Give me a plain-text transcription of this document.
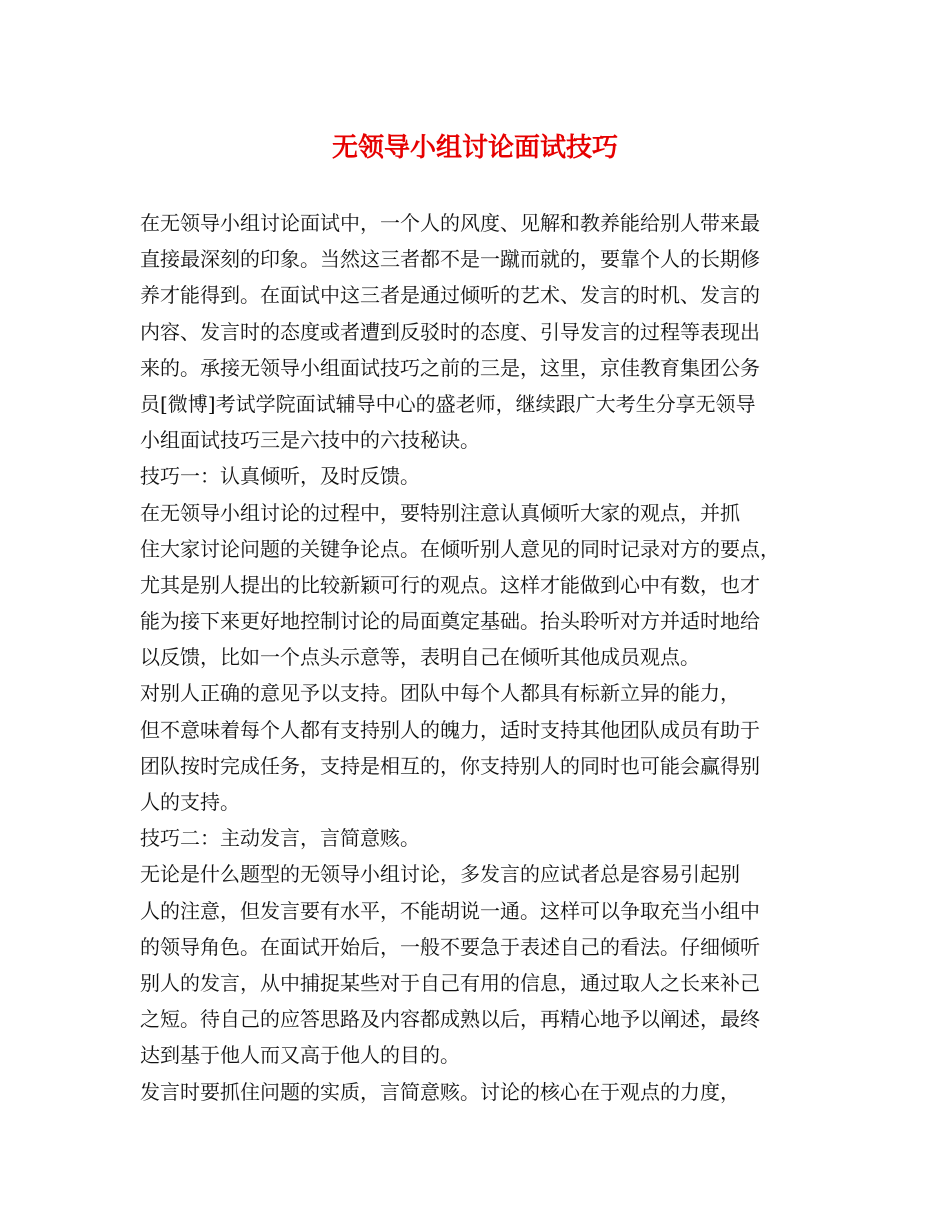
无领导小组讨论面试技巧
在无领导小组讨论面试中，一个人的风度、见解和教养能给别人带来最
直接最深刻的印象。当然这三者都不是一蹴而就的，要靠个人的长期修
养才能得到。在面试中这三者是通过倾听的艺术、发言的时机、发言的
内容、发言时的态度或者遭到反驳时的态度、引导发言的过程等表现出
来的。承接无领导小组面试技巧之前的三是，这里，京佳教育集团公务
员[微博]考试学院面试辅导中心的盛老师，继续跟广大考生分享无领导
小组面试技巧三是六技中的六技秘诀。
技巧一：认真倾听，及时反馈。
在无领导小组讨论的过程中，要特别注意认真倾听大家的观点，并抓
住大家讨论问题的关键争论点。在倾听别人意见的同时记录对方的要点，
尤其是别人提出的比较新颖可行的观点。这样才能做到心中有数，也才
能为接下来更好地控制讨论的局面奠定基础。抬头聆听对方并适时地给
以反馈，比如一个点头示意等，表明自己在倾听其他成员观点。
对别人正确的意见予以支持。团队中每个人都具有标新立异的能力，
但不意味着每个人都有支持别人的魄力，适时支持其他团队成员有助于
团队按时完成任务，支持是相互的，你支持别人的同时也可能会赢得别
人的支持。
技巧二：主动发言，言简意赅。
无论是什么题型的无领导小组讨论，多发言的应试者总是容易引起别
人的注意，但发言要有水平，不能胡说一通。这样可以争取充当小组中
的领导角色。在面试开始后，一般不要急于表述自己的看法。仔细倾听
别人的发言，从中捕捉某些对于自己有用的信息，通过取人之长来补己
之短。待自己的应答思路及内容都成熟以后，再精心地予以阐述，最终
达到基于他人而又高于他人的目的。
发言时要抓住问题的实质，言简意赅。讨论的核心在于观点的力度，
